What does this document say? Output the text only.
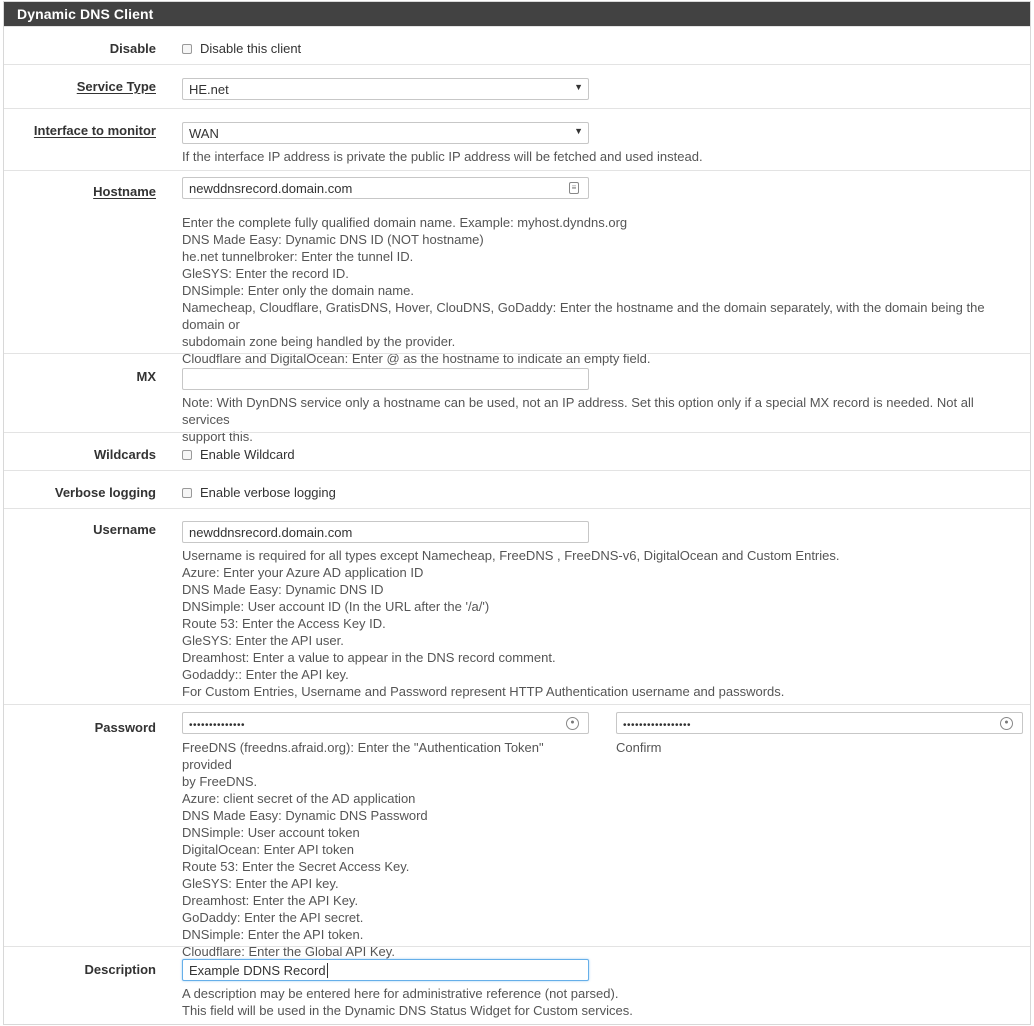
Dynamic DNS Client
Disable	Disable this client
Service Type	HE.net	▼
Interface to monitor	WAN	▼
If the interface IP address is private the public IP address will be fetched and used instead.
Hostname	newddnsrecord.domain.com	≡
Enter the complete fully qualified domain name. Example: myhost.dyndns.org
DNS Made Easy: Dynamic DNS ID (NOT hostname)
he.net tunnelbroker: Enter the tunnel ID.
GleSYS: Enter the record ID.
DNSimple: Enter only the domain name.
Namecheap, Cloudflare, GratisDNS, Hover, ClouDNS, GoDaddy: Enter the hostname and the domain separately, with the domain being the domain or
subdomain zone being handled by the provider.
Cloudflare and DigitalOcean: Enter @ as the hostname to indicate an empty field.
MX
Note: With DynDNS service only a hostname can be used, not an IP address. Set this option only if a special MX record is needed. Not all services
support this.
Wildcards	Enable Wildcard
Verbose logging	Enable verbose logging
Username	newddnsrecord.domain.com
Username is required for all types except Namecheap, FreeDNS , FreeDNS-v6, DigitalOcean and Custom Entries.
Azure: Enter your Azure AD application ID
DNS Made Easy: Dynamic DNS ID
DNSimple: User account ID (In the URL after the '/a/')
Route 53: Enter the Access Key ID.
GleSYS: Enter the API user.
Dreamhost: Enter a value to appear in the DNS record comment.
Godaddy:: Enter the API key.
For Custom Entries, Username and Password represent HTTP Authentication username and passwords.
Password	••••••••••••••	●
FreeDNS (freedns.afraid.org): Enter the "Authentication Token" provided
by FreeDNS.
Azure: client secret of the AD application
DNS Made Easy: Dynamic DNS Password
DNSimple: User account token
DigitalOcean: Enter API token
Route 53: Enter the Secret Access Key.
GleSYS: Enter the API key.
Dreamhost: Enter the API Key.
GoDaddy: Enter the API secret.
DNSimple: Enter the API token.
Cloudflare: Enter the Global API Key.
•••••••••••••••••	●
Confirm
Description	Example DDNS Record
A description may be entered here for administrative reference (not parsed).
This field will be used in the Dynamic DNS Status Widget for Custom services.
